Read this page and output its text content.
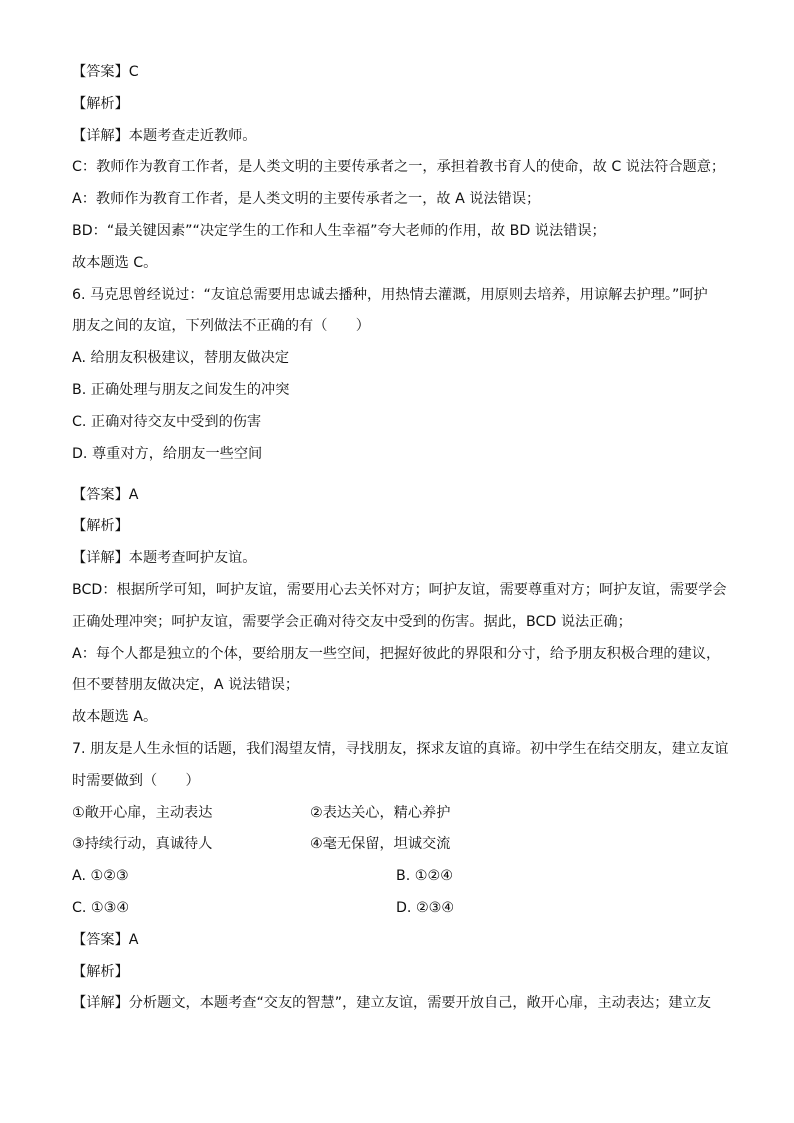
【答案】C
【解析】
【详解】本题考查走近教师。
C：教师作为教育工作者，是人类文明的主要传承者之一，承担着教书育人的使命，故 C 说法符合题意；
A：教师作为教育工作者，是人类文明的主要传承者之一，故 A 说法错误；
BD：“最关键因素”“决定学生的工作和人生幸福”夸大老师的作用，故 BD 说法错误；
故本题选 C。
6. 马克思曾经说过：“友谊总需要用忠诚去播种，用热情去灌溉，用原则去培养，用谅解去护理。”呵护
朋友之间的友谊，下列做法不正确的有（　　）
A. 给朋友积极建议，替朋友做决定
B. 正确处理与朋友之间发生的冲突
C. 正确对待交友中受到的伤害
D. 尊重对方，给朋友一些空间
【答案】A
【解析】
【详解】本题考查呵护友谊。
BCD：根据所学可知，呵护友谊，需要用心去关怀对方；呵护友谊，需要尊重对方；呵护友谊，需要学会
正确处理冲突；呵护友谊，需要学会正确对待交友中受到的伤害。据此，BCD 说法正确；
A：每个人都是独立的个体，要给朋友一些空间，把握好彼此的界限和分寸，给予朋友积极合理的建议，
但不要替朋友做决定，A 说法错误；
故本题选 A。
7. 朋友是人生永恒的话题，我们渴望友情，寻找朋友，探求友谊的真谛。初中学生在结交朋友，建立友谊
时需要做到（　　）
①敞开心扉，主动表达	②表达关心，精心养护
③持续行动，真诚待人	④毫无保留，坦诚交流
A. ①②③	B. ①②④
C. ①③④	D. ②③④
【答案】A
【解析】
【详解】分析题文，本题考查“交友的智慧”，建立友谊，需要开放自己，敞开心扉，主动表达；建立友
